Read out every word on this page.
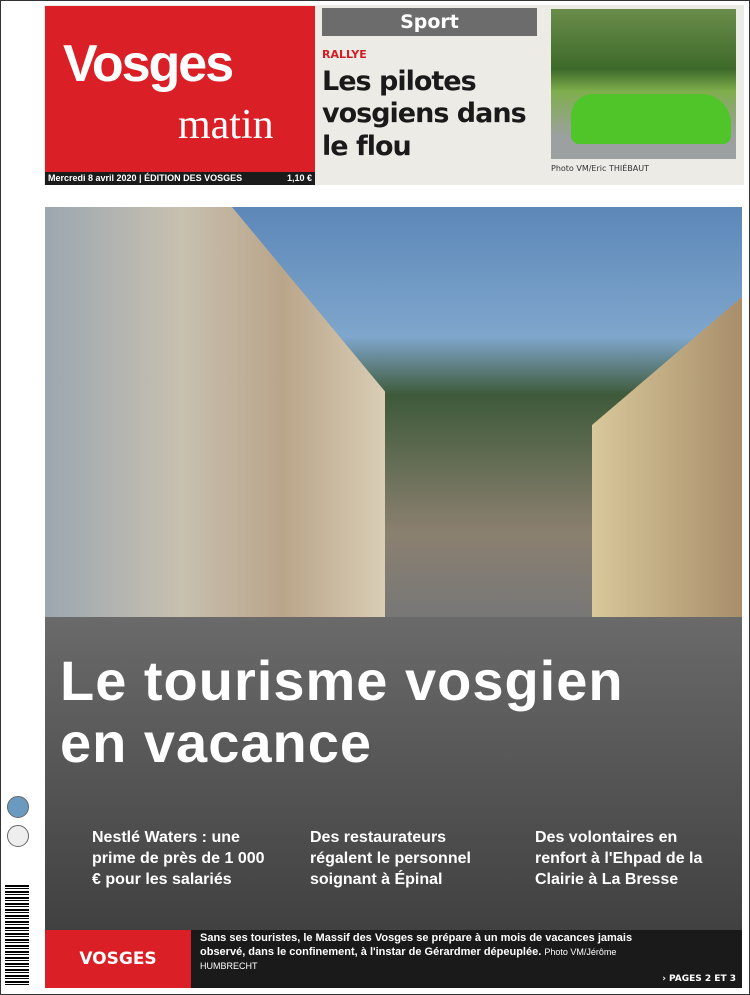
Vosges
matin
Mercredi 8 avril 2020 | ÉDITION DES VOSGES	1,10 €
Sport
RALLYE
Les pilotes vosgiens dans le flou
Photo VM/Eric THIÉBAUT
Le tourisme vosgien
en vacance
Nestlé Waters : une prime de près de 1 000 € pour les salariés
Des restaurateurs régalent le personnel soignant à Épinal
Des volontaires en renfort à l'Ehpad de la Clairie à La Bresse
VOSGES
Sans ses touristes, le Massif des Vosges se prépare à un mois de vacances jamais observé, dans le confinement, à l'instar de Gérardmer dépeuplée. Photo VM/Jérôme HUMBRECHT
› PAGES 2 ET 3
